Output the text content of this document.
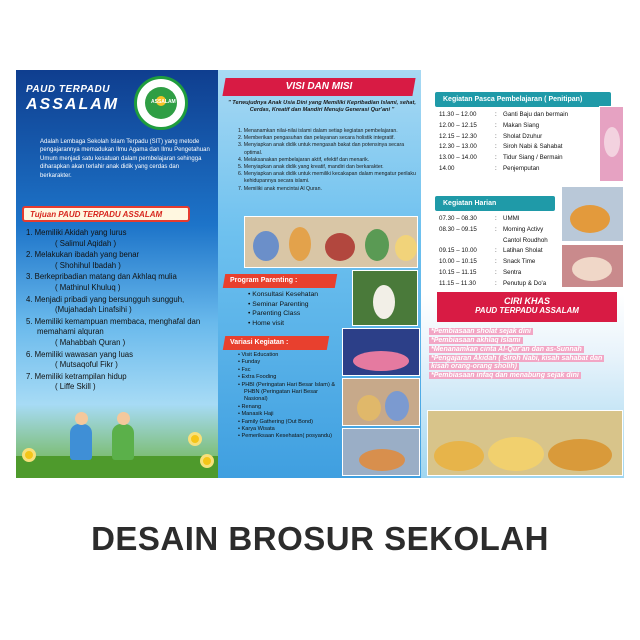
PAUD TERPADU
ASSALAM	ASSALAM
Adalah Lembaga Sekolah Islam Terpadu (SIT) yang metode pengajarannya memadukan Ilmu Agama dan Ilmu Pengetahuan Umum menjadi satu kesatuan dalam pembelajaran sehingga diharapkan akan terlahir anak didik yang cerdas dan berkarakter.
Tujuan PAUD TERPADU ASSALAM
1. Memiliki Akidah yang lurus
( Salimul Aqidah )
2. Melakukan ibadah yang benar
( Shohihul Ibadah )
3. Berkepribadian matang dan Akhlaq mulia
( Mathinul Khuluq )
4. Menjadi pribadi yang bersungguh sungguh,
(Mujahadah Linafsihi )
5. Memiliki kemampuan membaca, menghafal dan memahami alquran
( Mahabbah Quran )
6. Memiliki wawasan yang luas
( Mutsaqoful Fikr )
7. Memiliki ketrampilan hidup
( Liffe Skill )
VISI DAN MISI
" Terwujudnya Anak Usia Dini yang Memiliki Kepribadian Islami, sehat, Cerdas, Kreatif dan Mandiri Menuju Generasi Qur'ani "
1. Menanamkan nilai-nilai islami dalam setiap kegiatan pembelajaran.
2. Memberikan pengasuhan dan pelayanan secara holistik integratif.
3. Menyiapkan anak didik untuk mengasah bakat dan potensinya secara optimal.
4. Melaksanakan pembelajaran aktif, efektif dan menarik.
5. Menyiapkan anak didik yang kreatif, mandiri dan berkarakter.
6. Menyiapkan anak didik untuk memiliki kecakapan dalam mengatur perilaku kehidupannya secara islami.
7. Memiliki anak mencintai Al Quran.
Program Parenting :
• Konsultasi Kesehatan
• Seminar Parenting
• Parenting Class
• Home visit
Variasi Kegiatan :
• Visit Education
• Funday
• Fsc
• Extra Fooding
• PHBI (Peringatan Hari Besar Islam) & PHBN (Peringatan Hari Besar Nasional)
• Renang
• Manasik Haji
• Family Gathering (Out Bond)
• Karya Wisata
• Pemeriksaan Kesehatan( posyandu)
Kegiatan Pasca Pembelajaran ( Penitipan)
11.30 – 12.00	:	Ganti Baju dan bermain
12.00 – 12.15	:	Makan Siang
12.15 – 12.30	:	Sholat Dzuhur
12.30 – 13.00	:	Siroh Nabi & Sahabat
13.00 – 14.00	:	Tidur Siang / Bermain
14.00	:	Penjemputan
Kegiatan Harian
07.30 – 08.30	:	UMMI
08.30 – 09.15	:	Morning Activy
Cantol Roudhoh
09.15 – 10.00	:	Latihan Sholat
10.00 – 10.15	:	Snack Time
10.15 – 11.15	:	Sentra
11.15 – 11.30	:	Penutup & Do'a
CIRI KHAS
PAUD TERPADU ASSALAM
*Pembiasaan sholat sejak dini
*Pembiasaan akhlaq Islami
*Menanamkan cinta Al-Qur'an dan as-Sunnah
*Pengajaran Akidah ( Siroh Nabi, kisah sahabat dan kisah orang-orang sholih)
*Pembiasaan infaq dan menabung sejak dini
DESAIN BROSUR SEKOLAH
